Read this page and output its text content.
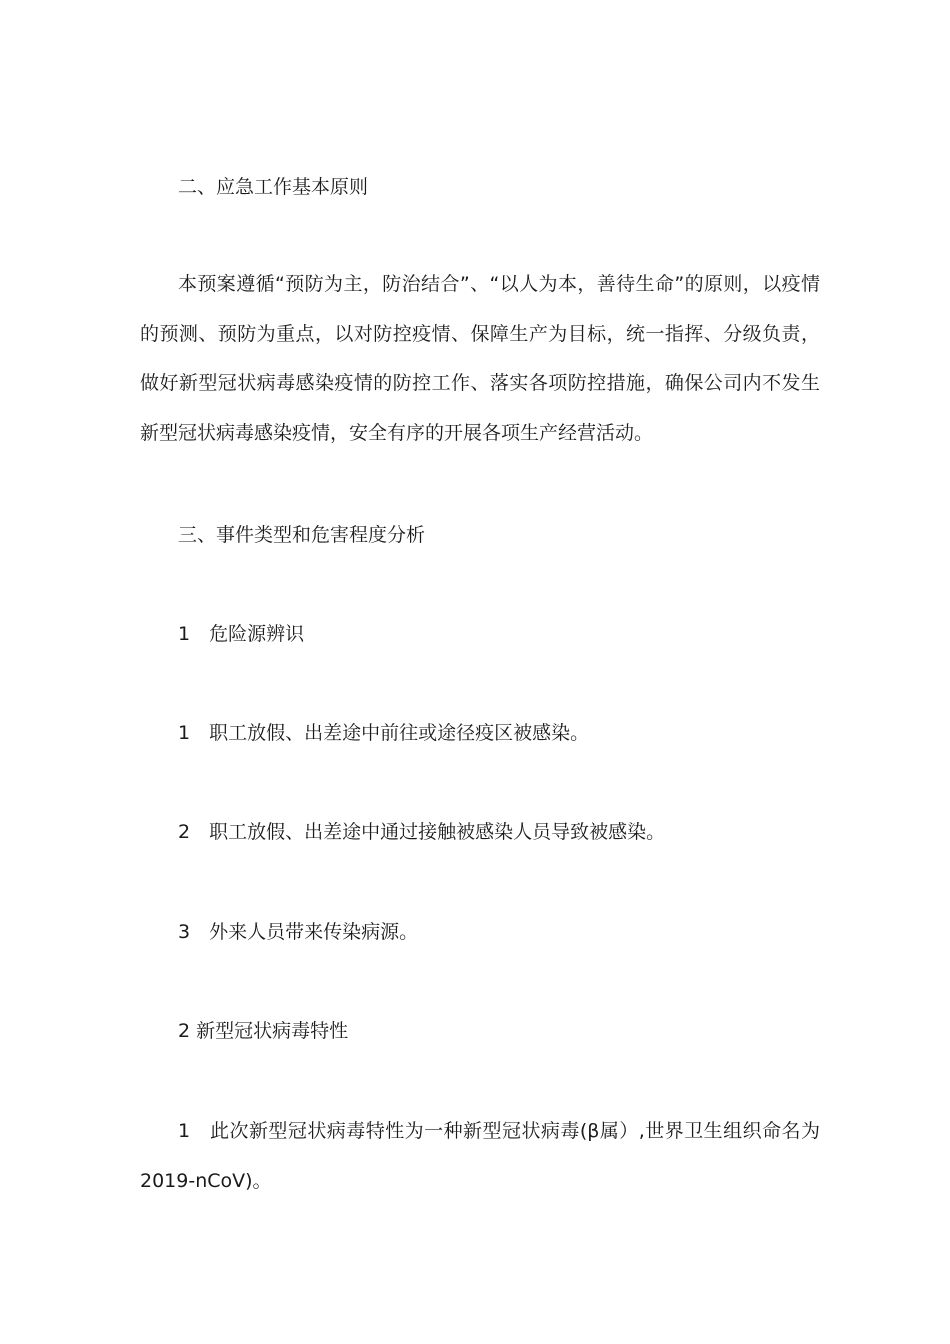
二、应急工作基本原则
本预案遵循“预防为主，防治结合”、“以人为本，善待生命”的原则，以疫情的预测、预防为重点，以对防控疫情、保障生产为目标，统一指挥、分级负责，做好新型冠状病毒感染疫情的防控工作、落实各项防控措施，确保公司内不发生新型冠状病毒感染疫情，安全有序的开展各项生产经营活动。
三、事件类型和危害程度分析
1　危险源辨识
1　职工放假、出差途中前往或途径疫区被感染。
2　职工放假、出差途中通过接触被感染人员导致被感染。
3　外来人员带来传染病源。
2 新型冠状病毒特性
1　此次新型冠状病毒特性为一种新型冠状病毒(β属）,世界卫生组织命名为2019-nCoV)。
